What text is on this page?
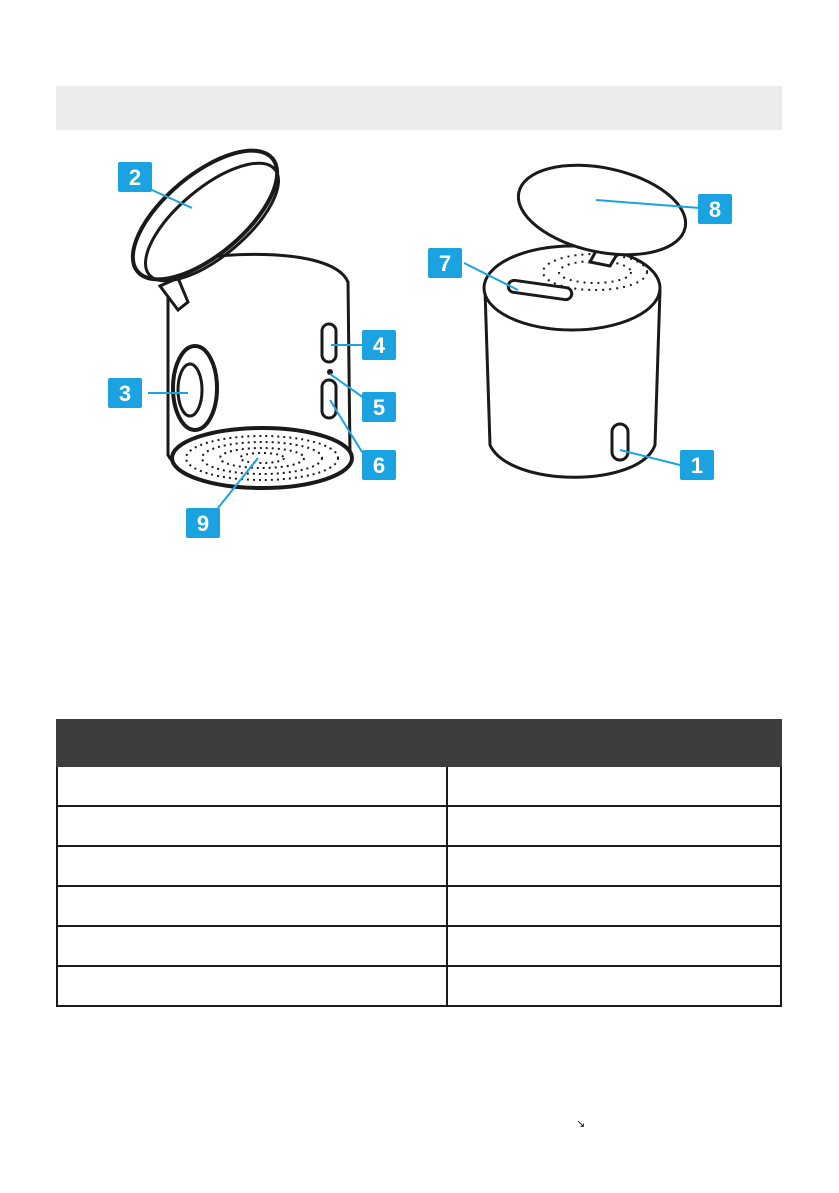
2
3
4
5
6
9
7
8
1

↘
